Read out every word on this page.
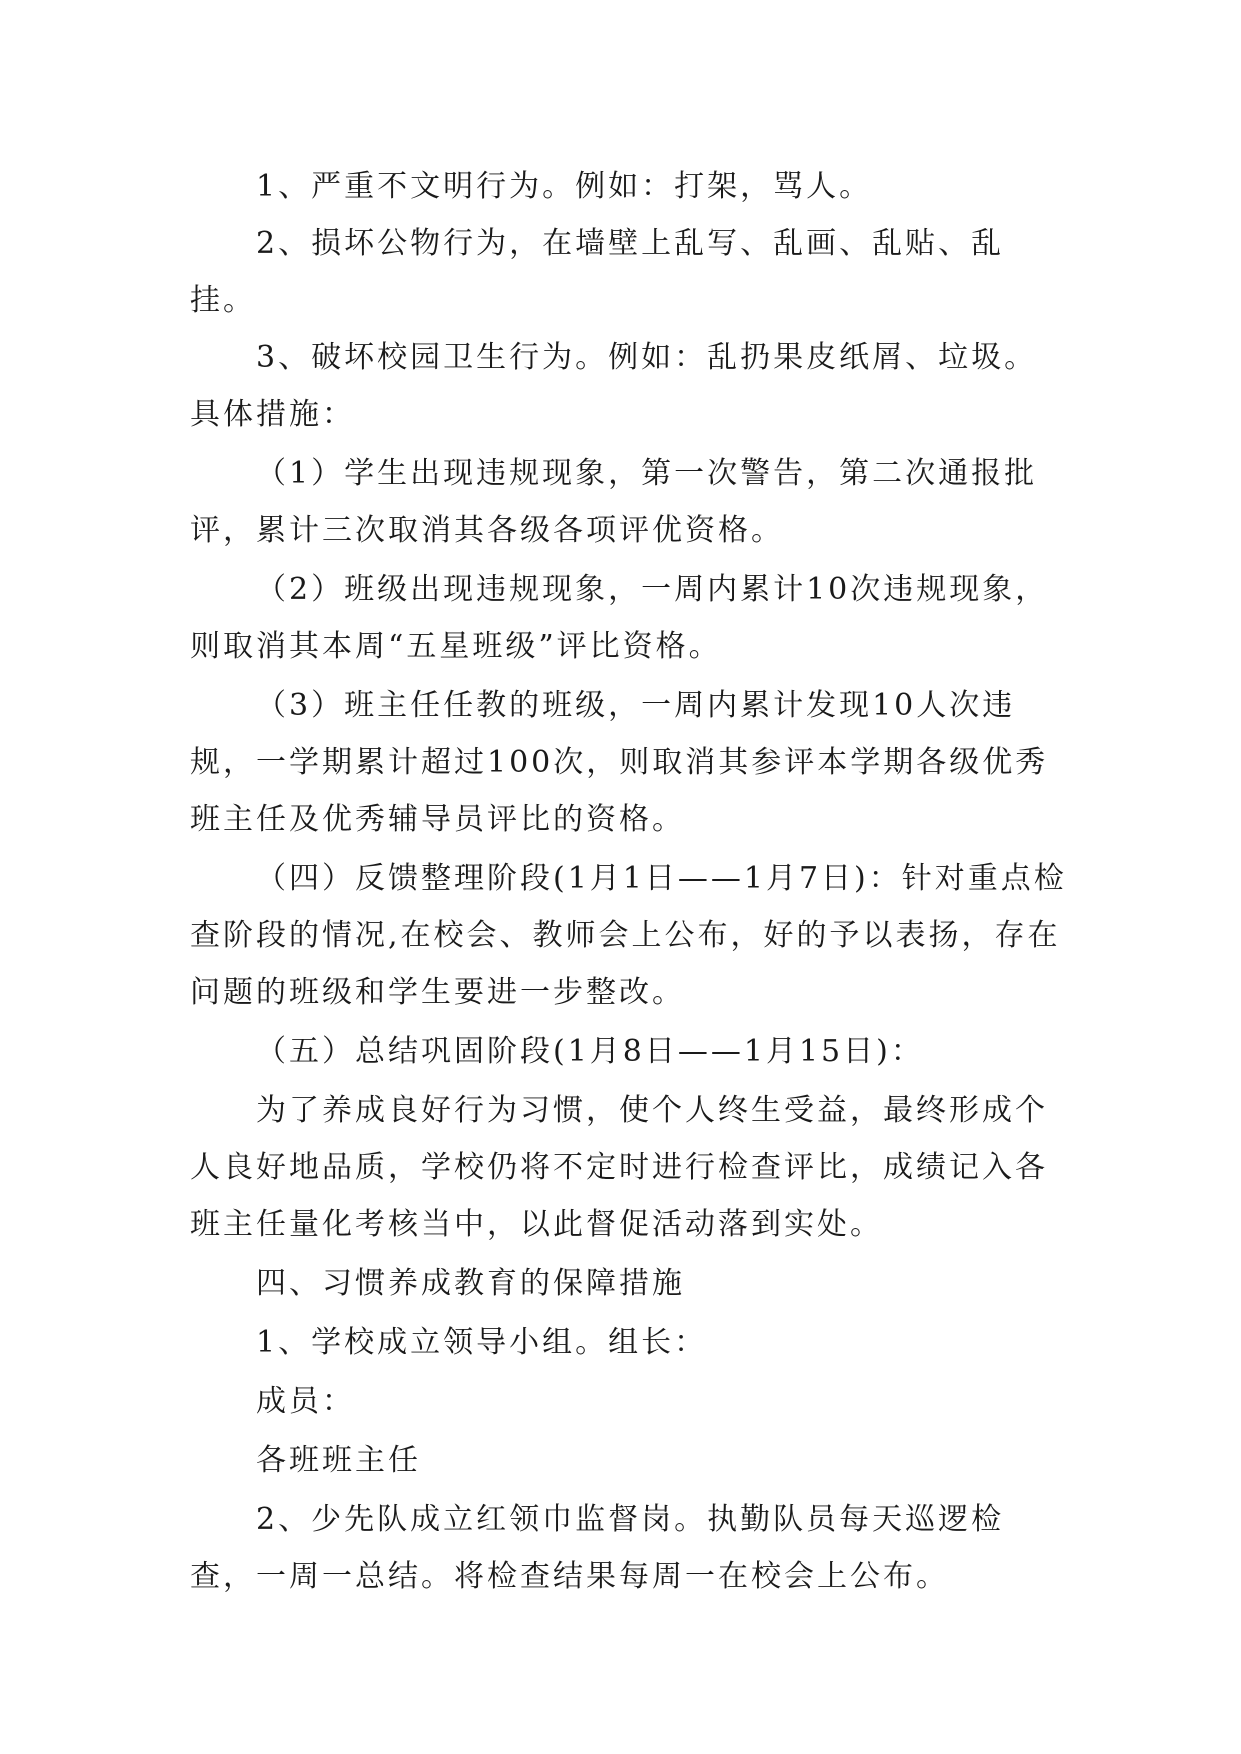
1、严重不文明行为。例如：打架，骂人。

2、损坏公物行为，在墙壁上乱写、乱画、乱贴、乱挂。

3、破坏校园卫生行为。例如：乱扔果皮纸屑、垃圾。

具体措施：

（1）学生出现违规现象，第一次警告，第二次通报批评，累计三次取消其各级各项评优资格。

（2）班级出现违规现象，一周内累计10次违规现象，则取消其本周“五星班级”评比资格。

（3）班主任任教的班级，一周内累计发现10人次违规，一学期累计超过100次，则取消其参评本学期各级优秀班主任及优秀辅导员评比的资格。

（四）反馈整理阶段(1月1日——1月7日)：针对重点检查阶段的情况,在校会、教师会上公布，好的予以表扬，存在问题的班级和学生要进一步整改。

（五）总结巩固阶段(1月8日——1月15日)：

为了养成良好行为习惯，使个人终生受益，最终形成个人良好地品质，学校仍将不定时进行检查评比，成绩记入各班主任量化考核当中，以此督促活动落到实处。

四、习惯养成教育的保障措施

1、学校成立领导小组。组长：

成员：

各班班主任

2、少先队成立红领巾监督岗。执勤队员每天巡逻检查，一周一总结。将检查结果每周一在校会上公布。
